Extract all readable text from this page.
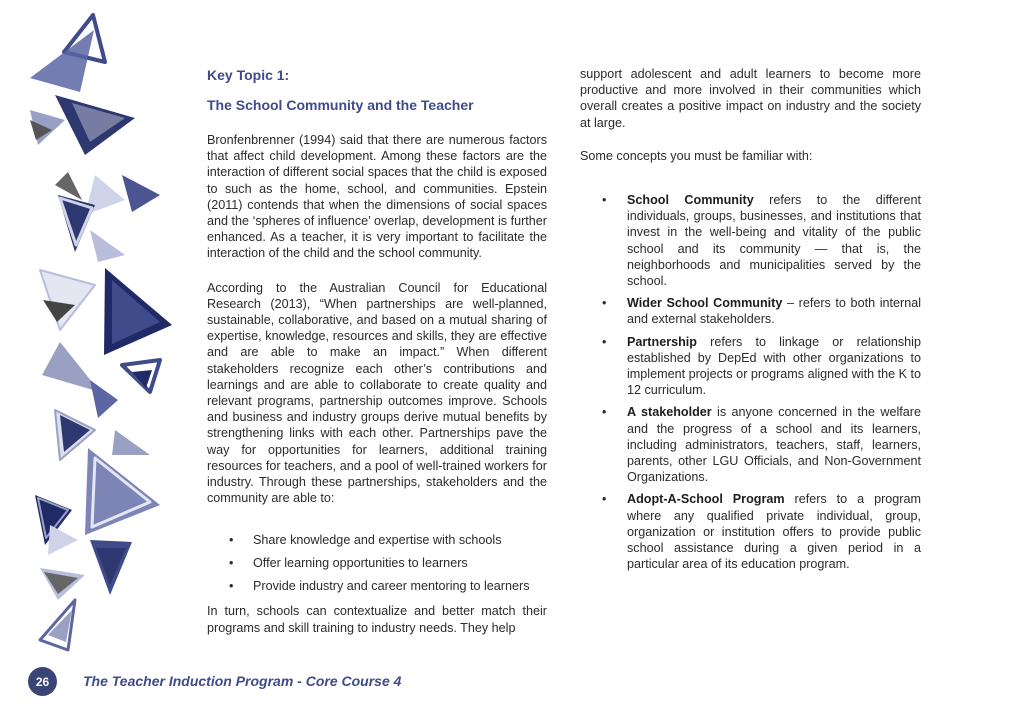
Key Topic 1:
The School Community and the Teacher

Bronfenbrenner (1994) said that there are numerous factors that affect child development. Among these factors are the interaction of different social spaces that the child is exposed to such as the home, school, and communities. Epstein (2011) contends that when the dimensions of social spaces and the ‘spheres of influence’ overlap, development is further enhanced. As a teacher, it is very important to facilitate the interaction of the child and the school community.

According to the Australian Council for Educational Research (2013), “When partnerships are well-planned, sustainable, collaborative, and based on a mutual sharing of expertise, knowledge, resources and skills, they are effective and are able to make an impact.” When different stakeholders recognize each other’s contributions and learnings and are able to collaborate to create quality and relevant programs, partnership outcomes improve. Schools and business and industry groups derive mutual benefits by strengthening links with each other. Partnerships pave the way for opportunities for learners, additional training resources for teachers, and a pool of well-trained workers for industry. Through these partnerships, stakeholders and the community are able to:

• Share knowledge and expertise with schools
• Offer learning opportunities to learners
• Provide industry and career mentoring to learners

In turn, schools can contextualize and better match their programs and skill training to industry needs. They help

support adolescent and adult learners to become more productive and more involved in their communities which overall creates a positive impact on industry and the society at large.

Some concepts you must be familiar with:

• School Community refers to the different individuals, groups, businesses, and institutions that invest in the well-being and vitality of the public school and its community — that is, the neighborhoods and municipalities served by the school.
• Wider School Community – refers to both internal and external stakeholders.
• Partnership refers to linkage or relationship established by DepEd with other organizations to implement projects or programs aligned with the K to 12 curriculum.
• A stakeholder is anyone concerned in the welfare and the progress of a school and its learners, including administrators, teachers, staff, learners, parents, other LGU Officials, and Non-Government Organizations.
• Adopt-A-School Program refers to a program where any qualified private individual, group, organization or institution offers to provide public school assistance during a given period in a particular area of its education program.
26	The Teacher Induction Program - Core Course 4
